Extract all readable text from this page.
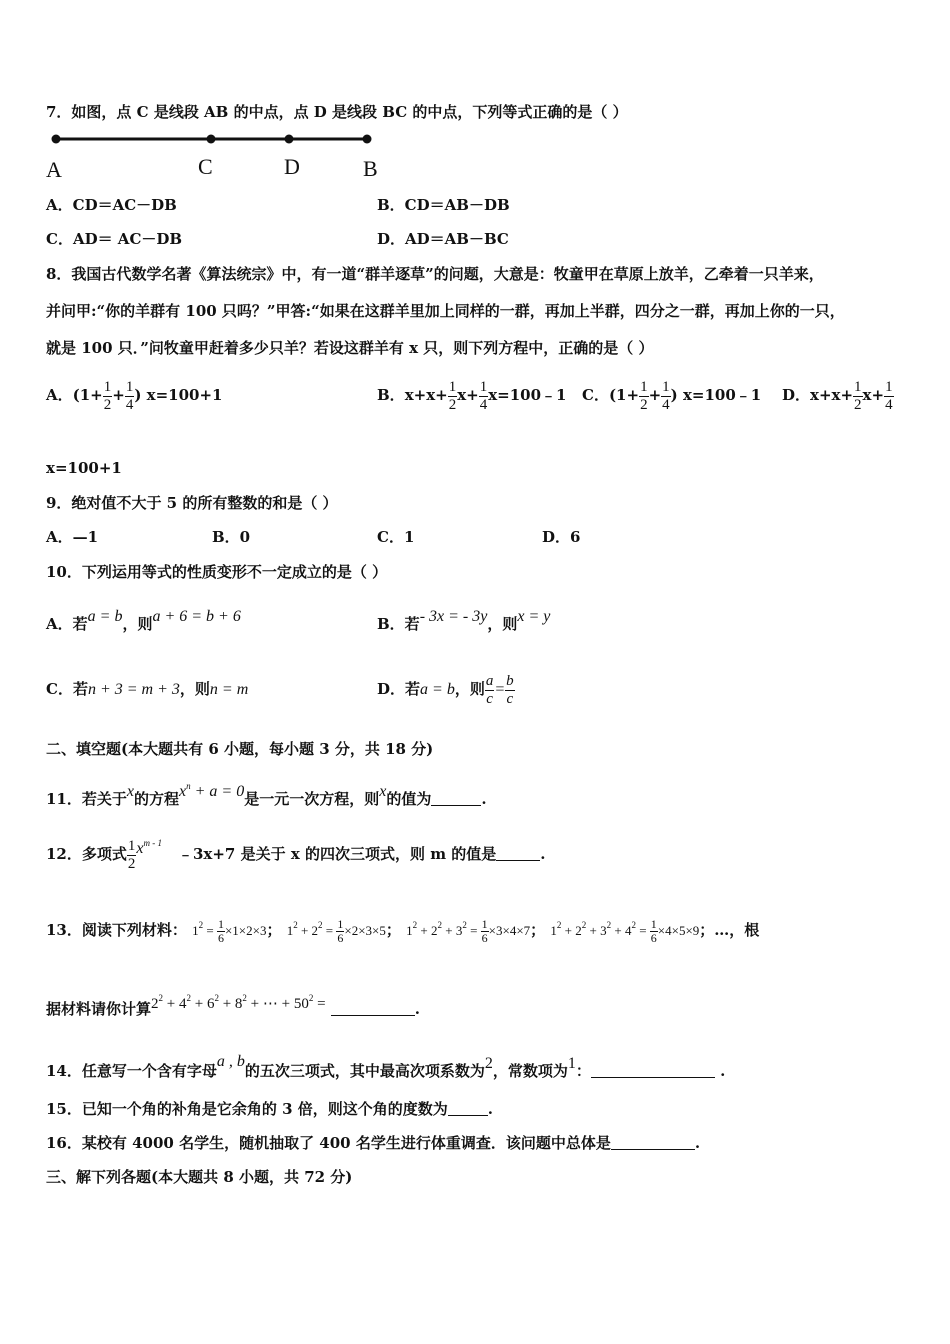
7．如图，点 C 是线段 AB 的中点，点 D 是线段 BC 的中点，下列等式正确的是（ ）
A	C	D	B
A．CD＝AC－DB	B．CD＝AB－DB
C．AD＝ AC－DB	D．AD＝AB－BC
8．我国古代数学名著《算法统宗》中，有一道“群羊逐草”的问题，大意是：牧童甲在草原上放羊，乙牵着一只羊来，
并问甲:“你的羊群有 100 只吗？”甲答:“如果在这群羊里加上同样的一群，再加上半群，四分之一群，再加上你的一只，
就是 100 只．”问牧童甲赶着多少只羊？若设这群羊有 x 只，则下列方程中，正确的是（ ）
A．($1+ \frac{1}{2} + \frac{1}{4}$ ) x=100+1	B．$x+x+ \frac{1}{2} x+ \frac{1}{4}$ x=100﹣1 C．($1+ \frac{1}{2} + \frac{1}{4}$ ) x=100﹣1 D．$x+x+ \frac{1}{2} x+ \frac{1}{4}$
x=100+1
9．绝对值不大于 5 的所有整数的和是（ ）
A．—1	B．0	C．1	D．6
10．下列运用等式的性质变形不一定成立的是（ ）
A．若a = b，则a + 6 = b + 6	B．若- 3x = - 3y，则x = y
C．若n + 3 = m + 3，则n = m	D．若a = b，则 $\frac{a}{c} = \frac{b}{c}$
二、填空题(本大题共有 6 小题，每小题 3 分，共 18 分)
11．若关于x的方程$x^n + a = 0$是一元一次方程，则x的值为	.
12．多项式 $\frac{1}{2}$ $x^{m - 1}﹣3x+7$ 是关于 x 的四次三项式，则 m 的值是	.
13．阅读下列材料： $1^2 = \frac{1}{6} \times 1\times 2\times 3$； $1^2 + 2^2 = \frac{1}{6} \times 2\times 3\times 5$； $1^2 + 2^2 + 3^2 = \frac{1}{6} \times 3\times 4\times 7$； $1^2 + 2^2 + 3^2 + 4^2 = \frac{1}{6} \times 4\times 5\times 9$；…，根
据材料请你计算$2^2 + 4^2 + 6^2 + 8^2$ + ⋯ + $50^2$ =	.
14．任意写一个含有字母a , b的五次三项式，其中最高次项系数为2，常数项为1：	.
15．已知一个角的补角是它余角的 3 倍，则这个角的度数为	.
16．某校有 4000 名学生，随机抽取了 400 名学生进行体重调查．该问题中总体是	.
三、解下列各题(本大题共 8 小题，共 72 分)
